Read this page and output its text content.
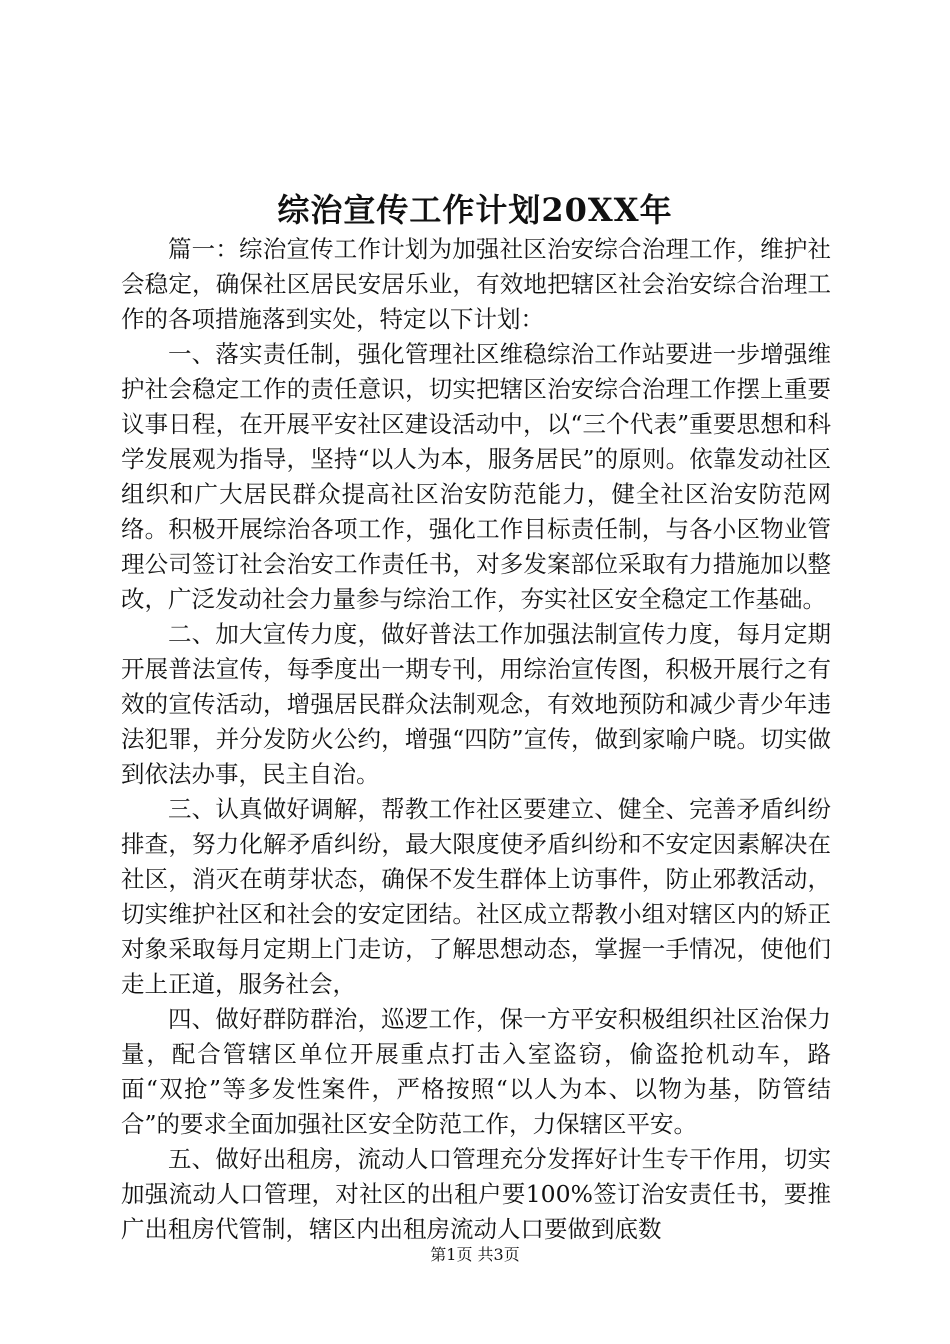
综治宣传工作计划20XX年

篇一：综治宣传工作计划为加强社区治安综合治理工作，维护社会稳定，确保社区居民安居乐业，有效地把辖区社会治安综合治理工作的各项措施落到实处，特定以下计划：

一、落实责任制，强化管理社区维稳综治工作站要进一步增强维护社会稳定工作的责任意识，切实把辖区治安综合治理工作摆上重要议事日程，在开展平安社区建设活动中，以“三个代表”重要思想和科学发展观为指导，坚持“以人为本，服务居民”的原则。依靠发动社区组织和广大居民群众提高社区治安防范能力，健全社区治安防范网络。积极开展综治各项工作，强化工作目标责任制，与各小区物业管理公司签订社会治安工作责任书，对多发案部位采取有力措施加以整改，广泛发动社会力量参与综治工作，夯实社区安全稳定工作基础。

二、加大宣传力度，做好普法工作加强法制宣传力度，每月定期开展普法宣传，每季度出一期专刊，用综治宣传图，积极开展行之有效的宣传活动，增强居民群众法制观念，有效地预防和减少青少年违法犯罪，并分发防火公约，增强“四防”宣传，做到家喻户晓。切实做到依法办事，民主自治。

三、认真做好调解，帮教工作社区要建立、健全、完善矛盾纠纷排查，努力化解矛盾纠纷，最大限度使矛盾纠纷和不安定因素解决在社区，消灭在萌芽状态，确保不发生群体上访事件，防止邪教活动，切实维护社区和社会的安定团结。社区成立帮教小组对辖区内的矫正对象采取每月定期上门走访，了解思想动态，掌握一手情况，使他们走上正道，服务社会，

四、做好群防群治，巡逻工作，保一方平安积极组织社区治保力量，配合管辖区单位开展重点打击入室盗窃，偷盗抢机动车，路面“双抢”等多发性案件，严格按照“以人为本、以物为基，防管结合”的要求全面加强社区安全防范工作，力保辖区平安。

五、做好出租房，流动人口管理充分发挥好计生专干作用，切实加强流动人口管理，对社区的出租户要100%签订治安责任书，要推广出租房代管制，辖区内出租房流动人口要做到底数

第1页 共3页
